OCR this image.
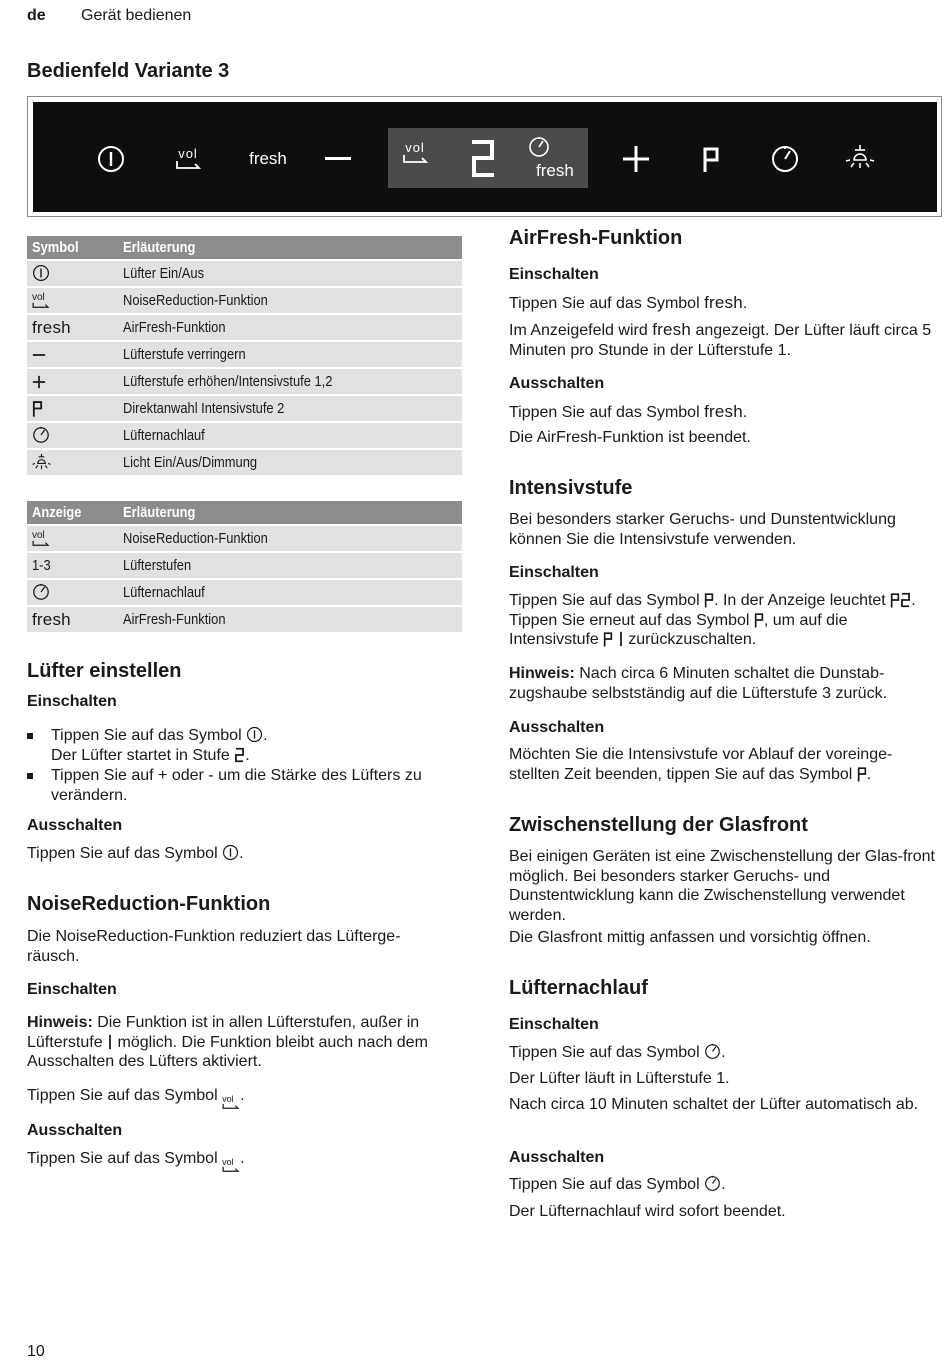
de Gerät bedienen
Bedienfeld Variante 3
vol	fresh
vol
fresh
Symbol	Erläuterung
	Lüfter Ein/Aus

vol	NoiseReduction-Funktion
fresh	AirFresh-Funktion
	Lüfterstufe verringern
	Lüfterstufe erhöhen/Intensivstufe 1,2
	Direktanwahl Intensivstufe 2
	Lüfternachlauf
	Licht Ein/Aus/Dimmung
Anzeige	Erläuterung

vol	NoiseReduction-Funktion
1-3	Lüfterstufen
	Lüfternachlauf
fresh	AirFresh-Funktion
Lüfter einstellen
Einschalten
Tippen Sie auf das Symbol .
Der Lüfter startet in Stufe .
Tippen Sie auf + oder - um die Stärke des Lüfters zu verändern.
Ausschalten
Tippen Sie auf das Symbol .
NoiseReduction-Funktion
Die NoiseReduction-Funktion reduziert das Lüfterge-räusch.
Einschalten
Hinweis: Die Funktion ist in allen Lüfterstufen, außer in Lüfterstufe möglich. Die Funktion bleibt auch nach dem Ausschalten des Lüfters aktiviert.
Tippen Sie auf das Symbol vol .
Ausschalten
Tippen Sie auf das Symbol vol .
AirFresh-Funktion
Einschalten
Tippen Sie auf das Symbol fresh.
Im Anzeigefeld wird fresh angezeigt. Der Lüfter läuft circa 5 Minuten pro Stunde in der Lüfterstufe 1.
Ausschalten
Tippen Sie auf das Symbol fresh.
Die AirFresh-Funktion ist beendet.
Intensivstufe
Bei besonders starker Geruchs- und Dunstentwicklung können Sie die Intensivstufe verwenden.
Einschalten
Tippen Sie auf das Symbol . In der Anzeige leuchtet . Tippen Sie erneut auf das Symbol , um auf die Intensivstufe zurückzuschalten.
Hinweis: Nach circa 6 Minuten schaltet die Dunstab-zugshaube selbstständig auf die Lüfterstufe 3 zurück.
Ausschalten
Möchten Sie die Intensivstufe vor Ablauf der voreinge-stellten Zeit beenden, tippen Sie auf das Symbol .
Zwischenstellung der Glasfront
Bei einigen Geräten ist eine Zwischenstellung der Glas-front möglich. Bei besonders starker Geruchs- und Dunstentwicklung kann die Zwischenstellung verwendet werden.
Die Glasfront mittig anfassen und vorsichtig öffnen.
Lüfternachlauf
Einschalten
Tippen Sie auf das Symbol .
Der Lüfter läuft in Lüfterstufe 1.
Nach circa 10 Minuten schaltet der Lüfter automatisch ab.
Ausschalten
Tippen Sie auf das Symbol .
Der Lüfternachlauf wird sofort beendet.
10
